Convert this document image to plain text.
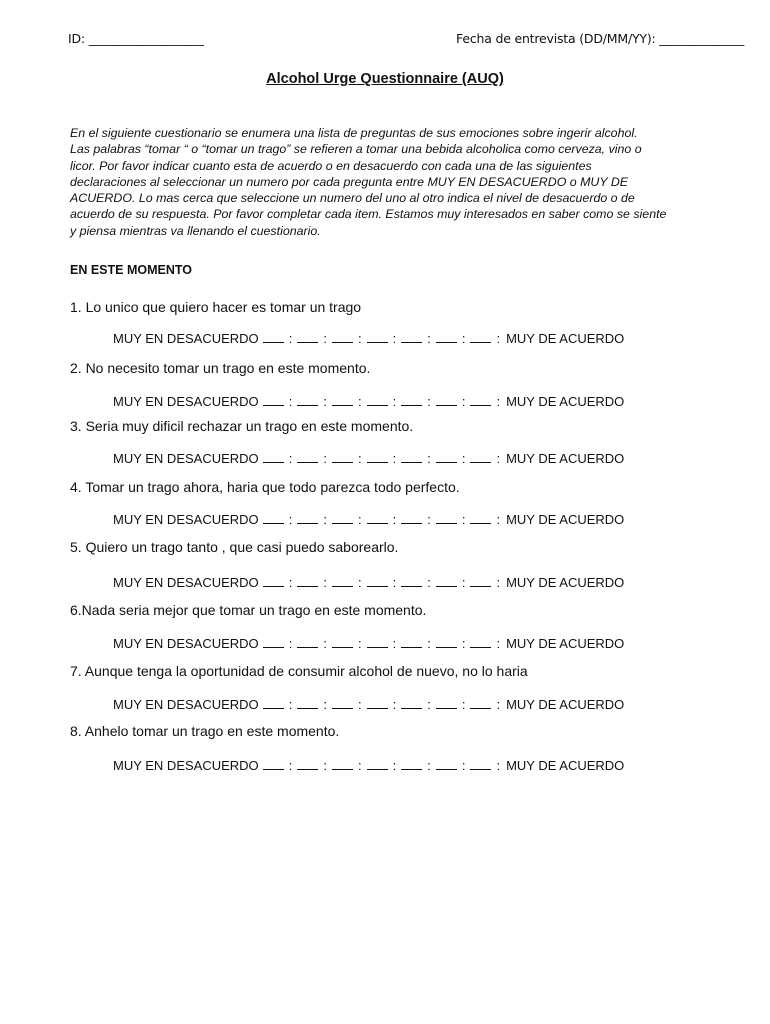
ID: ___________________	Fecha de entrevista (DD/MM/YY): ______________
Alcohol Urge Questionnaire (AUQ)
En el siguiente cuestionario se enumera una lista de preguntas de sus emociones sobre ingerir alcohol.
Las palabras “tomar “ o “tomar un trago” se refieren a tomar una bebida alcoholica como cerveza, vino o
licor. Por favor indicar cuanto esta de acuerdo o en desacuerdo con cada una de las siguientes
declaraciones al seleccionar un numero por cada pregunta entre MUY EN DESACUERDO o MUY DE
ACUERDO. Lo mas cerca que seleccione un numero del uno al otro indica el nivel de desacuerdo o de
acuerdo de su respuesta. Por favor completar cada item. Estamos muy interesados en saber como se siente
y piensa mientras va llenando el cuestionario.
EN ESTE MOMENTO
1. Lo unico que quiero hacer es tomar un trago
MUY EN DESACUERDO : : : : : : : MUY DE ACUERDO
2. No necesito tomar un trago en este momento.
MUY EN DESACUERDO : : : : : : : MUY DE ACUERDO
3. Seria muy dificil rechazar un trago en este momento.
MUY EN DESACUERDO : : : : : : : MUY DE ACUERDO
4. Tomar un trago ahora, haria que todo parezca todo perfecto.
MUY EN DESACUERDO : : : : : : : MUY DE ACUERDO
5. Quiero un trago tanto , que casi puedo saborearlo.
MUY EN DESACUERDO : : : : : : : MUY DE ACUERDO
6.Nada seria mejor que tomar un trago en este momento.
MUY EN DESACUERDO : : : : : : : MUY DE ACUERDO
7. Aunque tenga la oportunidad de consumir alcohol de nuevo, no lo haria
MUY EN DESACUERDO : : : : : : : MUY DE ACUERDO
8. Anhelo tomar un trago en este momento.
MUY EN DESACUERDO : : : : : : : MUY DE ACUERDO
